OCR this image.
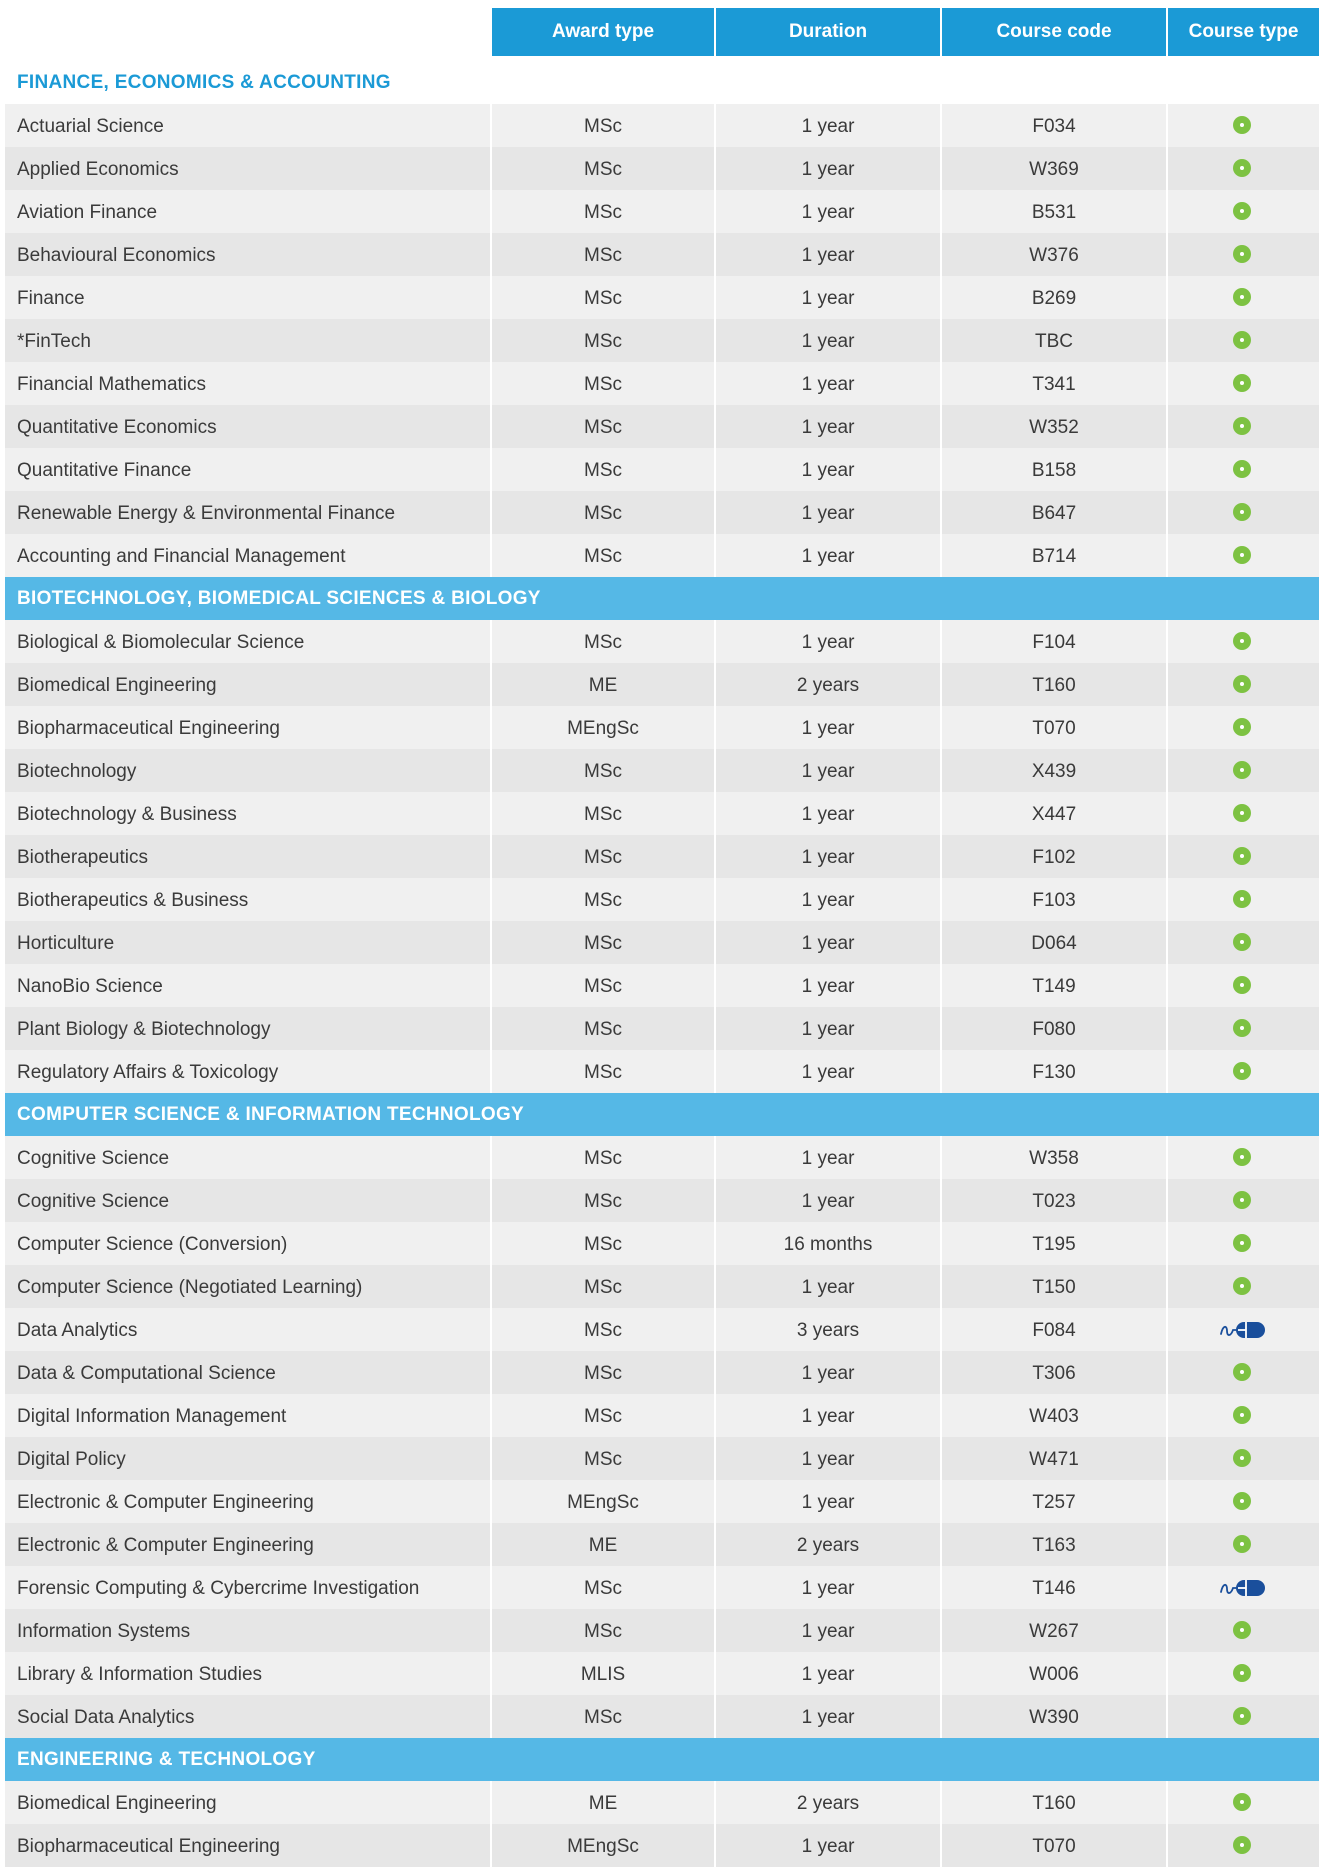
Award type	Duration	Course code	Course type
FINANCE, ECONOMICS & ACCOUNTING
Actuarial Science	MSc	1 year	F034
Applied Economics	MSc	1 year	W369
Aviation Finance	MSc	1 year	B531
Behavioural Economics	MSc	1 year	W376
Finance	MSc	1 year	B269
*FinTech	MSc	1 year	TBC
Financial Mathematics	MSc	1 year	T341
Quantitative Economics	MSc	1 year	W352
Quantitative Finance	MSc	1 year	B158
Renewable Energy & Environmental Finance	MSc	1 year	B647
Accounting and Financial Management	MSc	1 year	B714
BIOTECHNOLOGY, BIOMEDICAL SCIENCES & BIOLOGY
Biological & Biomolecular Science	MSc	1 year	F104
Biomedical Engineering	ME	2 years	T160
Biopharmaceutical Engineering	MEngSc	1 year	T070
Biotechnology	MSc	1 year	X439
Biotechnology & Business	MSc	1 year	X447
Biotherapeutics	MSc	1 year	F102
Biotherapeutics & Business	MSc	1 year	F103
Horticulture	MSc	1 year	D064
NanoBio Science	MSc	1 year	T149
Plant Biology & Biotechnology	MSc	1 year	F080
Regulatory Affairs & Toxicology	MSc	1 year	F130
COMPUTER SCIENCE & INFORMATION TECHNOLOGY
Cognitive Science	MSc	1 year	W358
Cognitive Science	MSc	1 year	T023
Computer Science (Conversion)	MSc	16 months	T195
Computer Science (Negotiated Learning)	MSc	1 year	T150
Data Analytics	MSc	3 years	F084
Data & Computational Science	MSc	1 year	T306
Digital Information Management	MSc	1 year	W403
Digital Policy	MSc	1 year	W471
Electronic & Computer Engineering	MEngSc	1 year	T257
Electronic & Computer Engineering	ME	2 years	T163
Forensic Computing & Cybercrime Investigation	MSc	1 year	T146
Information Systems	MSc	1 year	W267
Library & Information Studies	MLIS	1 year	W006
Social Data Analytics	MSc	1 year	W390
ENGINEERING & TECHNOLOGY
Biomedical Engineering	ME	2 years	T160
Biopharmaceutical Engineering	MEngSc	1 year	T070
